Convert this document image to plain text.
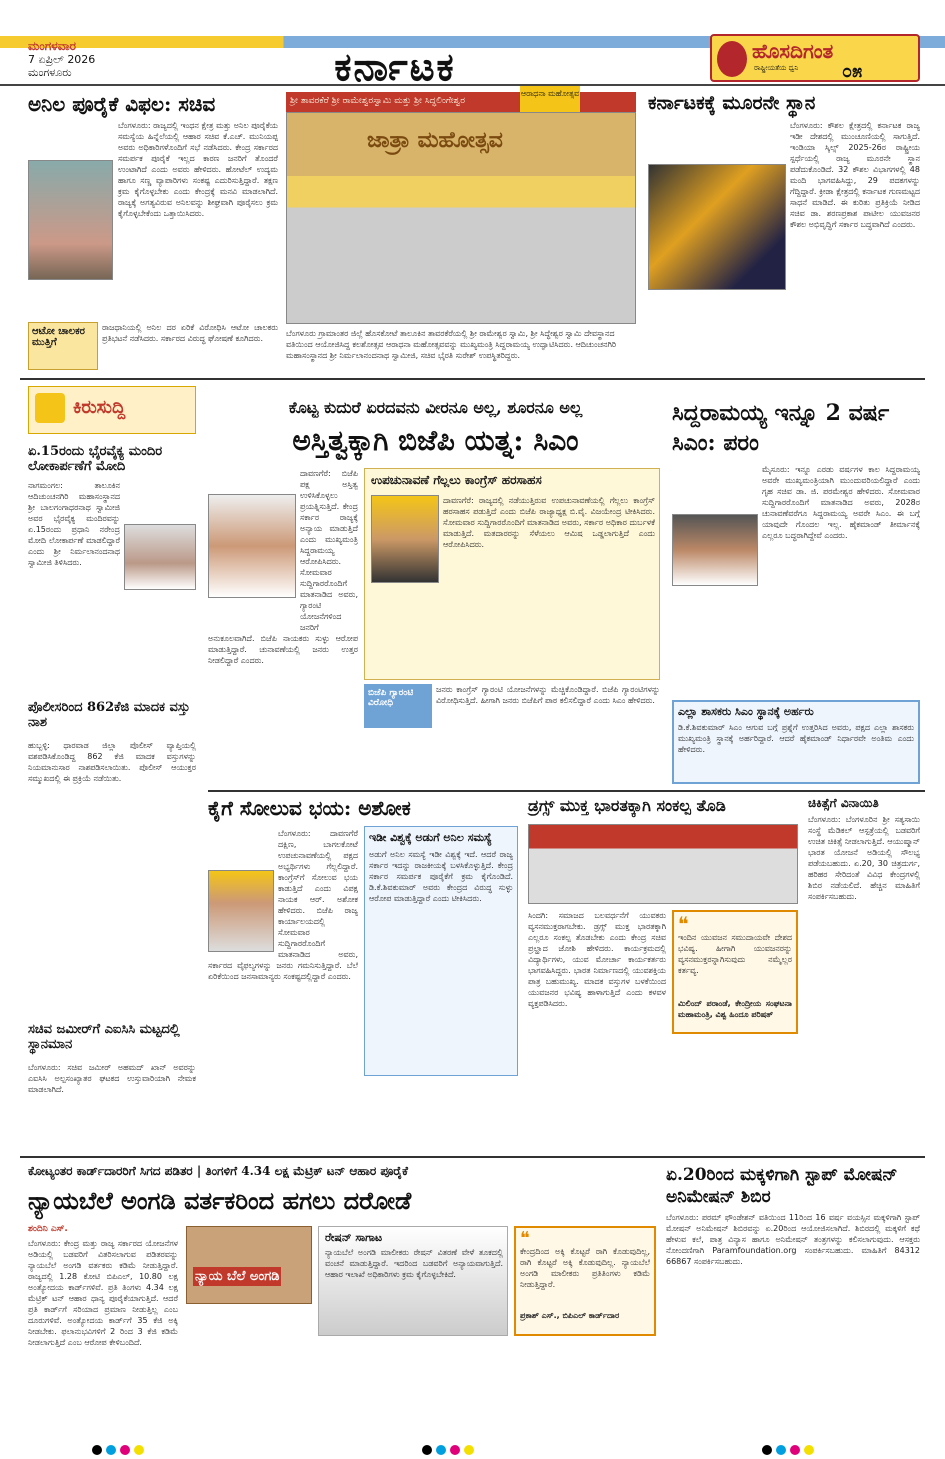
ಮಂಗಳವಾರ
7 ಏಪ್ರಿಲ್ 2026
ಮಂಗಳೂರು	ಕರ್ನಾಟಕ	ಹೊಸದಿಗಂತ
೦೫
ರಾಷ್ಟ್ರೀಯತೆಯ ಧ್ವನಿ
ಅನಿಲ ಪೂರೈಕೆ ವಿಫಲ: ಸಚಿವ
ಬೆಂಗಳೂರು: ರಾಜ್ಯದಲ್ಲಿ ಇಂಧನ ಕ್ಷೇತ್ರ ಮತ್ತು ಅನಿಲ ಪೂರೈಕೆಯ ಸಮಸ್ಯೆಯ ಹಿನ್ನೆಲೆಯಲ್ಲಿ ಆಹಾರ ಸಚಿವ ಕೆ.ಎಚ್. ಮುನಿಯಪ್ಪ ಅವರು ಅಧಿಕಾರಿಗಳೊಂದಿಗೆ ಸಭೆ ನಡೆಸಿದರು. ಕೇಂದ್ರ ಸರ್ಕಾರದ ಸಮರ್ಪಕ ಪೂರೈಕೆ ಇಲ್ಲದ ಕಾರಣ ಜನರಿಗೆ ತೊಂದರೆ ಉಂಟಾಗಿದೆ ಎಂದು ಅವರು ಹೇಳಿದರು. ಹೋಟೆಲ್ ಉದ್ಯಮ ಹಾಗೂ ಸಣ್ಣ ವ್ಯಾಪಾರಿಗಳು ಸಂಕಷ್ಟ ಎದುರಿಸುತ್ತಿದ್ದಾರೆ. ತಕ್ಷಣ ಕ್ರಮ ಕೈಗೊಳ್ಳಬೇಕು ಎಂದು ಕೇಂದ್ರಕ್ಕೆ ಮನವಿ ಮಾಡಲಾಗಿದೆ. ರಾಜ್ಯಕ್ಕೆ ಅಗತ್ಯವಿರುವ ಅನಿಲವನ್ನು ಶೀಘ್ರವಾಗಿ ಪೂರೈಸಲು ಕ್ರಮ ಕೈಗೊಳ್ಳಬೇಕೆಂದು ಒತ್ತಾಯಿಸಿದರು.
ಆಟೋ ಚಾಲಕರ ಮುತ್ತಿಗೆ
ರಾಜಧಾನಿಯಲ್ಲಿ ಅನಿಲ ದರ ಏರಿಕೆ ವಿರೋಧಿಸಿ ಆಟೋ ಚಾಲಕರು ಪ್ರತಿಭಟನೆ ನಡೆಸಿದರು. ಸರ್ಕಾರದ ವಿರುದ್ಧ ಘೋಷಣೆ ಕೂಗಿದರು.
ಶ್ರೀ ತಾವರಕೆರೆ ಶ್ರೀ ರಾಮೇಶ್ವರಸ್ವಾಮಿ ಮತ್ತು ಶ್ರೀ ಸಿದ್ಧಲಿಂಗೇಶ್ವರ
ಆರಾಧನಾ ಮಹೋತ್ಸವ
ಜಾತ್ರಾ ಮಹೋತ್ಸವ
ಬೆಂಗಳೂರು ಗ್ರಾಮಾಂತರ ಜಿಲ್ಲೆ ಹೊಸಕೋಟೆ ತಾಲೂಕಿನ ತಾವರಕೆರೆಯಲ್ಲಿ ಶ್ರೀ ರಾಮೇಶ್ವರ ಸ್ವಾಮಿ, ಶ್ರೀ ಸಿದ್ಧೇಶ್ವರ ಸ್ವಾಮಿ ದೇವಸ್ಥಾನದ ವತಿಯಿಂದ ಆಯೋಜಿಸಿದ್ದ ಕಲಶೋತ್ಸವ ಆರಾಧನಾ ಮಹೋತ್ಸವವನ್ನು ಮುಖ್ಯಮಂತ್ರಿ ಸಿದ್ದರಾಮಯ್ಯ ಉದ್ಘಾಟಿಸಿದರು. ಆದಿಚುಂಚನಗಿರಿ ಮಹಾಸಂಸ್ಥಾನದ ಶ್ರೀ ನಿರ್ಮಲಾನಂದನಾಥ ಸ್ವಾಮೀಜಿ, ಸಚಿವ ಭೈರತಿ ಸುರೇಶ್ ಉಪಸ್ಥಿತರಿದ್ದರು.
ಕರ್ನಾಟಕಕ್ಕೆ ಮೂರನೇ ಸ್ಥಾನ
ಬೆಂಗಳೂರು: ಕೌಶಲ ಕ್ಷೇತ್ರದಲ್ಲಿ ಕರ್ನಾಟಕ ರಾಜ್ಯ ಇಡೀ ದೇಶದಲ್ಲಿ ಮುಂಚೂಣಿಯಲ್ಲಿ ಸಾಗುತ್ತಿದೆ. ಇಂಡಿಯಾ ಸ್ಕಿಲ್ಸ್ 2025-26ರ ರಾಷ್ಟ್ರೀಯ ಸ್ಪರ್ಧೆಯಲ್ಲಿ ರಾಜ್ಯ ಮೂರನೇ ಸ್ಥಾನ ಪಡೆದುಕೊಂಡಿದೆ. 32 ಕೌಶಲ ವಿಭಾಗಗಳಲ್ಲಿ 48 ಮಂದಿ ಭಾಗವಹಿಸಿದ್ದು, 29 ಪದಕಗಳನ್ನು ಗೆದ್ದಿದ್ದಾರೆ. ಕ್ರೀಡಾ ಕ್ಷೇತ್ರದಲ್ಲಿ ಕರ್ನಾಟಕ ಗುಣಮಟ್ಟದ ಸಾಧನೆ ಮಾಡಿದೆ. ಈ ಕುರಿತು ಪ್ರತಿಕ್ರಿಯೆ ನೀಡಿದ ಸಚಿವ ಡಾ. ಶರಣಪ್ರಕಾಶ ಪಾಟೀಲ ಯುವಜನರ ಕೌಶಲ ಅಭಿವೃದ್ಧಿಗೆ ಸರ್ಕಾರ ಬದ್ಧವಾಗಿದೆ ಎಂದರು.
ಕಿರುಸುದ್ದಿ
ಏ.15ರಂದು ಭೈರವೈಕ್ಯ ಮಂದಿರ ಲೋಕಾರ್ಪಣೆಗೆ ಮೋದಿ
ನಾಗಮಂಗಲ: ತಾಲೂಕಿನ ಆದಿಚುಂಚನಗಿರಿ ಮಹಾಸಂಸ್ಥಾನದ ಶ್ರೀ ಬಾಲಗಂಗಾಧರನಾಥ ಸ್ವಾಮೀಜಿ ಅವರ ಭೈರವೈಕ್ಯ ಮಂದಿರವನ್ನು ಏ.15ರಂದು ಪ್ರಧಾನಿ ನರೇಂದ್ರ ಮೋದಿ ಲೋಕಾರ್ಪಣೆ ಮಾಡಲಿದ್ದಾರೆ ಎಂದು ಶ್ರೀ ನಿರ್ಮಲಾನಂದನಾಥ ಸ್ವಾಮೀಜಿ ತಿಳಿಸಿದರು.
ಪೊಲೀಸರಿಂದ 862ಕೆಜಿ ಮಾದಕ ವಸ್ತು ನಾಶ
ಹುಬ್ಬಳ್ಳಿ: ಧಾರವಾಡ ಜಿಲ್ಲಾ ಪೊಲೀಸ್ ವ್ಯಾಪ್ತಿಯಲ್ಲಿ ವಶಪಡಿಸಿಕೊಂಡಿದ್ದ 862 ಕೆಜಿ ಮಾದಕ ವಸ್ತುಗಳನ್ನು ನಿಯಮಾನುಸಾರ ನಾಶಪಡಿಸಲಾಯಿತು. ಪೊಲೀಸ್ ಆಯುಕ್ತರ ಸಮ್ಮುಖದಲ್ಲಿ ಈ ಪ್ರಕ್ರಿಯೆ ನಡೆಯಿತು.
ಸಚಿವ ಜಮೀರ್‌ಗೆ ಎಐಸಿಸಿ ಮಟ್ಟದಲ್ಲಿ ಸ್ಥಾನಮಾನ
ಬೆಂಗಳೂರು: ಸಚಿವ ಜಮೀರ್ ಅಹಮದ್ ಖಾನ್ ಅವರನ್ನು ಎಐಸಿಸಿ ಅಲ್ಪಸಂಖ್ಯಾತರ ಘಟಕದ ಉಸ್ತುವಾರಿಯಾಗಿ ನೇಮಕ ಮಾಡಲಾಗಿದೆ.
ಕೊಟ್ಟ ಕುದುರೆ ಏರದವನು ವೀರನೂ ಅಲ್ಲ, ಶೂರನೂ ಅಲ್ಲ
ಅಸ್ತಿತ್ವಕ್ಕಾಗಿ ಬಿಜೆಪಿ ಯತ್ನ: ಸಿಎಂ
ದಾವಣಗೆರೆ: ಬಿಜೆಪಿ ಪಕ್ಷ ಅಸ್ತಿತ್ವ ಉಳಿಸಿಕೊಳ್ಳಲು ಪ್ರಯತ್ನಿಸುತ್ತಿದೆ. ಕೇಂದ್ರ ಸರ್ಕಾರ ರಾಜ್ಯಕ್ಕೆ ಅನ್ಯಾಯ ಮಾಡುತ್ತಿದೆ ಎಂದು ಮುಖ್ಯಮಂತ್ರಿ ಸಿದ್ದರಾಮಯ್ಯ ಆರೋಪಿಸಿದರು. ಸೋಮವಾರ ಸುದ್ದಿಗಾರರೊಂದಿಗೆ ಮಾತನಾಡಿದ ಅವರು, ಗ್ಯಾರಂಟಿ ಯೋಜನೆಗಳಿಂದ ಜನರಿಗೆ ಅನುಕೂಲವಾಗಿದೆ. ಬಿಜೆಪಿ ನಾಯಕರು ಸುಳ್ಳು ಆರೋಪ ಮಾಡುತ್ತಿದ್ದಾರೆ. ಚುನಾವಣೆಯಲ್ಲಿ ಜನರು ಉತ್ತರ ನೀಡಲಿದ್ದಾರೆ ಎಂದರು.
ಉಪಚುನಾವಣೆ ಗೆಲ್ಲಲು ಕಾಂಗ್ರೆಸ್ ಹರಸಾಹಸ
ದಾವಣಗೆರೆ: ರಾಜ್ಯದಲ್ಲಿ ನಡೆಯುತ್ತಿರುವ ಉಪಚುನಾವಣೆಯಲ್ಲಿ ಗೆಲ್ಲಲು ಕಾಂಗ್ರೆಸ್ ಹರಸಾಹಸ ಪಡುತ್ತಿದೆ ಎಂದು ಬಿಜೆಪಿ ರಾಜ್ಯಾಧ್ಯಕ್ಷ ಬಿ.ವೈ. ವಿಜಯೇಂದ್ರ ಟೀಕಿಸಿದರು. ಸೋಮವಾರ ಸುದ್ದಿಗಾರರೊಂದಿಗೆ ಮಾತನಾಡಿದ ಅವರು, ಸರ್ಕಾರ ಅಧಿಕಾರ ದುರ್ಬಳಕೆ ಮಾಡುತ್ತಿದೆ. ಮತದಾರರನ್ನು ಸೆಳೆಯಲು ಆಮಿಷ ಒಡ್ಡಲಾಗುತ್ತಿದೆ ಎಂದು ಆರೋಪಿಸಿದರು.
ಬಿಜೆಪಿ ಗ್ಯಾರಂಟಿ ವಿರೋಧಿ
ಜನರು ಕಾಂಗ್ರೆಸ್ ಗ್ಯಾರಂಟಿ ಯೋಜನೆಗಳನ್ನು ಮೆಚ್ಚಿಕೊಂಡಿದ್ದಾರೆ. ಬಿಜೆಪಿ ಗ್ಯಾರಂಟಿಗಳನ್ನು ವಿರೋಧಿಸುತ್ತಿದೆ. ಹೀಗಾಗಿ ಜನರು ಬಿಜೆಪಿಗೆ ಪಾಠ ಕಲಿಸಲಿದ್ದಾರೆ ಎಂದು ಸಿಎಂ ಹೇಳಿದರು.
ಸಿದ್ದರಾಮಯ್ಯ ಇನ್ನೂ 2 ವರ್ಷ ಸಿಎಂ: ಪರಂ
ಮೈಸೂರು: ಇನ್ನೂ ಎರಡು ವರ್ಷಗಳ ಕಾಲ ಸಿದ್ದರಾಮಯ್ಯ ಅವರೇ ಮುಖ್ಯಮಂತ್ರಿಯಾಗಿ ಮುಂದುವರಿಯಲಿದ್ದಾರೆ ಎಂದು ಗೃಹ ಸಚಿವ ಡಾ. ಜಿ. ಪರಮೇಶ್ವರ ಹೇಳಿದರು. ಸೋಮವಾರ ಸುದ್ದಿಗಾರರೊಂದಿಗೆ ಮಾತನಾಡಿದ ಅವರು, 2028ರ ಚುನಾವಣೆವರೆಗೂ ಸಿದ್ದರಾಮಯ್ಯ ಅವರೇ ಸಿಎಂ. ಈ ಬಗ್ಗೆ ಯಾವುದೇ ಗೊಂದಲ ಇಲ್ಲ. ಹೈಕಮಾಂಡ್ ತೀರ್ಮಾನಕ್ಕೆ ಎಲ್ಲರೂ ಬದ್ಧರಾಗಿದ್ದೇವೆ ಎಂದರು.
ಎಲ್ಲಾ ಶಾಸಕರು ಸಿಎಂ ಸ್ಥಾನಕ್ಕೆ ಅರ್ಹರು
ಡಿ.ಕೆ.ಶಿವಕುಮಾರ್ ಸಿಎಂ ಆಗುವ ಬಗ್ಗೆ ಪ್ರಶ್ನೆಗೆ ಉತ್ತರಿಸಿದ ಅವರು, ಪಕ್ಷದ ಎಲ್ಲಾ ಶಾಸಕರು ಮುಖ್ಯಮಂತ್ರಿ ಸ್ಥಾನಕ್ಕೆ ಅರ್ಹರಿದ್ದಾರೆ. ಆದರೆ ಹೈಕಮಾಂಡ್ ನಿರ್ಧಾರವೇ ಅಂತಿಮ ಎಂದು ಹೇಳಿದರು.
ಕೈಗೆ ಸೋಲುವ ಭಯ: ಅಶೋಕ
ಬೆಂಗಳೂರು: ದಾವಣಗೆರೆ ದಕ್ಷಿಣ, ಬಾಗಲಕೋಟೆ ಉಪಚುನಾವಣೆಯಲ್ಲಿ ಪಕ್ಷದ ಅಭ್ಯರ್ಥಿಗಳು ಗೆಲ್ಲಲಿದ್ದಾರೆ. ಕಾಂಗ್ರೆಸ್‌ಗೆ ಸೋಲುವ ಭಯ ಕಾಡುತ್ತಿದೆ ಎಂದು ವಿಪಕ್ಷ ನಾಯಕ ಆರ್. ಅಶೋಕ ಹೇಳಿದರು. ಬಿಜೆಪಿ ರಾಜ್ಯ ಕಾರ್ಯಾಲಯದಲ್ಲಿ ಸೋಮವಾರ ಸುದ್ದಿಗಾರರೊಂದಿಗೆ ಮಾತನಾಡಿದ ಅವರು, ಸರ್ಕಾರದ ವೈಫಲ್ಯಗಳನ್ನು ಜನರು ಗಮನಿಸುತ್ತಿದ್ದಾರೆ. ಬೆಲೆ ಏರಿಕೆಯಿಂದ ಜನಸಾಮಾನ್ಯರು ಸಂಕಷ್ಟದಲ್ಲಿದ್ದಾರೆ ಎಂದರು.
ಇಡೀ ವಿಶ್ವಕ್ಕೆ ಅಡುಗೆ ಅನಿಲ ಸಮಸ್ಯೆ
ಅಡುಗೆ ಅನಿಲ ಸಮಸ್ಯೆ ಇಡೀ ವಿಶ್ವಕ್ಕೆ ಇದೆ. ಆದರೆ ರಾಜ್ಯ ಸರ್ಕಾರ ಇದನ್ನು ರಾಜಕೀಯಕ್ಕೆ ಬಳಸಿಕೊಳ್ಳುತ್ತಿದೆ. ಕೇಂದ್ರ ಸರ್ಕಾರ ಸಮರ್ಪಕ ಪೂರೈಕೆಗೆ ಕ್ರಮ ಕೈಗೊಂಡಿದೆ. ಡಿ.ಕೆ.ಶಿವಕುಮಾರ್ ಅವರು ಕೇಂದ್ರದ ವಿರುದ್ಧ ಸುಳ್ಳು ಆರೋಪ ಮಾಡುತ್ತಿದ್ದಾರೆ ಎಂದು ಟೀಕಿಸಿದರು.
ಡ್ರಗ್ಸ್ ಮುಕ್ತ ಭಾರತಕ್ಕಾಗಿ ಸಂಕಲ್ಪ ತೊಡಿ
ಸಿಂದಗಿ: ಸಮಾಜದ ಬಲವರ್ಧನೆಗೆ ಯುವಕರು ವ್ಯಸನಮುಕ್ತರಾಗಬೇಕು. ಡ್ರಗ್ಸ್ ಮುಕ್ತ ಭಾರತಕ್ಕಾಗಿ ಎಲ್ಲರೂ ಸಂಕಲ್ಪ ತೊಡಬೇಕು ಎಂದು ಕೇಂದ್ರ ಸಚಿವ ಪ್ರಲ್ಹಾದ ಜೋಶಿ ಹೇಳಿದರು. ಕಾರ್ಯಕ್ರಮದಲ್ಲಿ ವಿದ್ಯಾರ್ಥಿಗಳು, ಯುವ ಮೋರ್ಚಾ ಕಾರ್ಯಕರ್ತರು ಭಾಗವಹಿಸಿದ್ದರು. ಭಾರತ ನಿರ್ಮಾಣದಲ್ಲಿ ಯುವಶಕ್ತಿಯ ಪಾತ್ರ ಬಹುಮುಖ್ಯ. ಮಾದಕ ವಸ್ತುಗಳ ಬಳಕೆಯಿಂದ ಯುವಜನರ ಭವಿಷ್ಯ ಹಾಳಾಗುತ್ತಿದೆ ಎಂದು ಕಳವಳ ವ್ಯಕ್ತಪಡಿಸಿದರು.
❝
ಇಂದಿನ ಯುವಜನ ಸಮುದಾಯವೇ ದೇಶದ ಭವಿಷ್ಯ. ಹೀಗಾಗಿ ಯುವಜನರನ್ನು ವ್ಯಸನಮುಕ್ತರನ್ನಾಗಿಸುವುದು ನಮ್ಮೆಲ್ಲರ ಕರ್ತವ್ಯ.
ಮಿಲಿಂದ್ ಪರಾಂಡೆ, ಕೇಂದ್ರೀಯ ಸಂಘಟನಾ ಮಹಾಮಂತ್ರಿ, ವಿಶ್ವ ಹಿಂದೂ ಪರಿಷತ್
ಚಿಕಿತ್ಸೆಗೆ ವಿನಾಯಿತಿ
ಬೆಂಗಳೂರು: ಬೆಂಗಳೂರಿನ ಶ್ರೀ ಸತ್ಯಸಾಯಿ ಸಂಸ್ಥೆ ಮೆಡಿಕಲ್ ಆಸ್ಪತ್ರೆಯಲ್ಲಿ ಬಡವರಿಗೆ ಉಚಿತ ಚಿಕಿತ್ಸೆ ನೀಡಲಾಗುತ್ತಿದೆ. ಆಯುಷ್ಮಾನ್ ಭಾರತ ಯೋಜನೆ ಅಡಿಯಲ್ಲಿ ಸೌಲಭ್ಯ ಪಡೆಯಬಹುದು. ಏ.20, 30 ಚಿತ್ರದುರ್ಗ, ಹರಿಹರ ಸೇರಿದಂತೆ ವಿವಿಧ ಕೇಂದ್ರಗಳಲ್ಲಿ ಶಿಬಿರ ನಡೆಯಲಿದೆ. ಹೆಚ್ಚಿನ ಮಾಹಿತಿಗೆ ಸಂಪರ್ಕಿಸಬಹುದು.
ಕೋಟ್ಯಂತರ ಕಾರ್ಡ್‌ದಾರರಿಗೆ ಸಿಗದ ಪಡಿತರ | ತಿಂಗಳಿಗೆ 4.34 ಲಕ್ಷ ಮೆಟ್ರಿಕ್ ಟನ್ ಆಹಾರ ಪೂರೈಕೆ
ನ್ಯಾಯಬೆಲೆ ಅಂಗಡಿ ವರ್ತಕರಿಂದ ಹಗಲು ದರೋಡೆ
ಶಂದಿನಿ ಎಸ್.
ಬೆಂಗಳೂರು: ಕೇಂದ್ರ ಮತ್ತು ರಾಜ್ಯ ಸರ್ಕಾರದ ಯೋಜನೆಗಳ ಅಡಿಯಲ್ಲಿ ಬಡವರಿಗೆ ವಿತರಿಸಲಾಗುವ ಪಡಿತರವನ್ನು ನ್ಯಾಯಬೆಲೆ ಅಂಗಡಿ ವರ್ತಕರು ಕಡಿಮೆ ನೀಡುತ್ತಿದ್ದಾರೆ. ರಾಜ್ಯದಲ್ಲಿ 1.28 ಕೋಟಿ ಬಿಪಿಎಲ್, 10.80 ಲಕ್ಷ ಅಂತ್ಯೋದಯ ಕಾರ್ಡ್‌ಗಳಿವೆ. ಪ್ರತಿ ತಿಂಗಳು 4.34 ಲಕ್ಷ ಮೆಟ್ರಿಕ್ ಟನ್ ಆಹಾರ ಧಾನ್ಯ ಪೂರೈಕೆಯಾಗುತ್ತಿದೆ. ಆದರೆ ಪ್ರತಿ ಕಾರ್ಡ್‌ಗೆ ಸರಿಯಾದ ಪ್ರಮಾಣ ನೀಡುತ್ತಿಲ್ಲ ಎಂಬ ದೂರುಗಳಿವೆ. ಅಂತ್ಯೋದಯ ಕಾರ್ಡ್‌ಗೆ 35 ಕೆಜಿ ಅಕ್ಕಿ ನೀಡಬೇಕು. ಫಲಾನುಭವಿಗಳಿಗೆ 2 ರಿಂದ 3 ಕೆಜಿ ಕಡಿಮೆ ನೀಡಲಾಗುತ್ತಿದೆ ಎಂಬ ಆರೋಪ ಕೇಳಿಬಂದಿದೆ.
ನ್ಯಾಯ ಬೆಲೆ ಅಂಗಡಿ
ರೇಷನ್ ಸಾಗಾಟ
ನ್ಯಾಯಬೆಲೆ ಅಂಗಡಿ ಮಾಲೀಕರು ರೇಷನ್ ವಿತರಣೆ ವೇಳೆ ತೂಕದಲ್ಲಿ ವಂಚನೆ ಮಾಡುತ್ತಿದ್ದಾರೆ. ಇದರಿಂದ ಬಡವರಿಗೆ ಅನ್ಯಾಯವಾಗುತ್ತಿದೆ. ಆಹಾರ ಇಲಾಖೆ ಅಧಿಕಾರಿಗಳು ಕ್ರಮ ಕೈಗೊಳ್ಳಬೇಕಿದೆ.
❝
ಕೇಂದ್ರದಿಂದ ಅಕ್ಕಿ ಕೊಟ್ಟರೆ ರಾಗಿ ಕೊಡುವುದಿಲ್ಲ, ರಾಗಿ ಕೊಟ್ಟರೆ ಅಕ್ಕಿ ಕೊಡುವುದಿಲ್ಲ. ನ್ಯಾಯಬೆಲೆ ಅಂಗಡಿ ಮಾಲೀಕರು ಪ್ರತಿತಿಂಗಳು ಕಡಿಮೆ ನೀಡುತ್ತಿದ್ದಾರೆ.
ಪ್ರಕಾಶ್ ಎಸ್., ಬಿಪಿಎಲ್ ಕಾರ್ಡ್‌ದಾರ
ಏ.20ರಿಂದ ಮಕ್ಕಳಿಗಾಗಿ ಸ್ಟಾಪ್ ಮೋಷನ್ ಅನಿಮೇಷನ್ ಶಿಬಿರ
ಬೆಂಗಳೂರು: ಪರಮ್ ಫೌಂಡೇಶನ್ ವತಿಯಿಂದ 11ರಿಂದ 16 ವರ್ಷ ವಯಸ್ಸಿನ ಮಕ್ಕಳಿಗಾಗಿ ಸ್ಟಾಪ್ ಮೋಷನ್ ಅನಿಮೇಷನ್ ಶಿಬಿರವನ್ನು ಏ.20ರಿಂದ ಆಯೋಜಿಸಲಾಗಿದೆ. ಶಿಬಿರದಲ್ಲಿ ಮಕ್ಕಳಿಗೆ ಕಥೆ ಹೇಳುವ ಕಲೆ, ಪಾತ್ರ ವಿನ್ಯಾಸ ಹಾಗೂ ಅನಿಮೇಷನ್ ತಂತ್ರಗಳನ್ನು ಕಲಿಸಲಾಗುವುದು. ಆಸಕ್ತರು ನೋಂದಣಿಗಾಗಿ Paramfoundation.org ಸಂಪರ್ಕಿಸಬಹುದು. ಮಾಹಿತಿಗೆ 84312 66867 ಸಂಪರ್ಕಿಸಬಹುದು.
